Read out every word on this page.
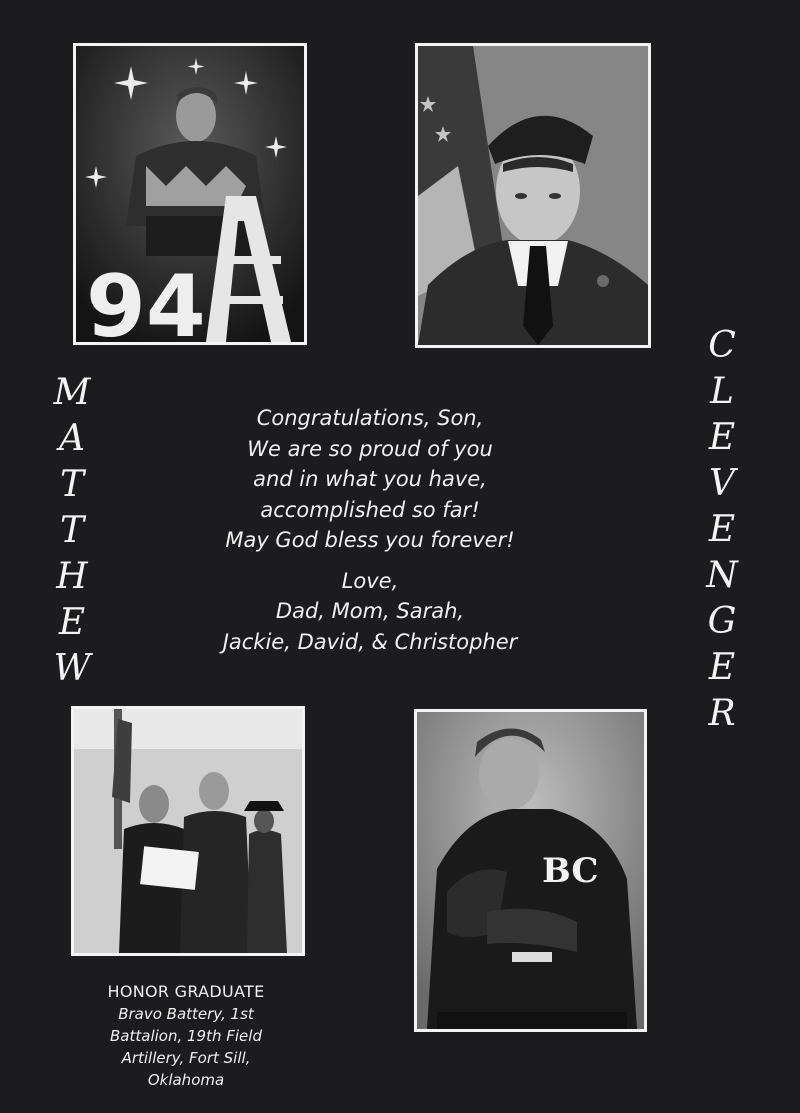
94
M
A
T
T
H
E
W
C
L
E
V
E
N
G
E
R
Congratulations, Son,
We are so proud of you
and in what you have,
accomplished so far!
May God bless you forever!
Love,
Dad, Mom, Sarah,
Jackie, David, & Christopher
BC
HONOR GRADUATE
Bravo Battery, 1st
Battalion, 19th Field
Artillery, Fort Sill,
Oklahoma
